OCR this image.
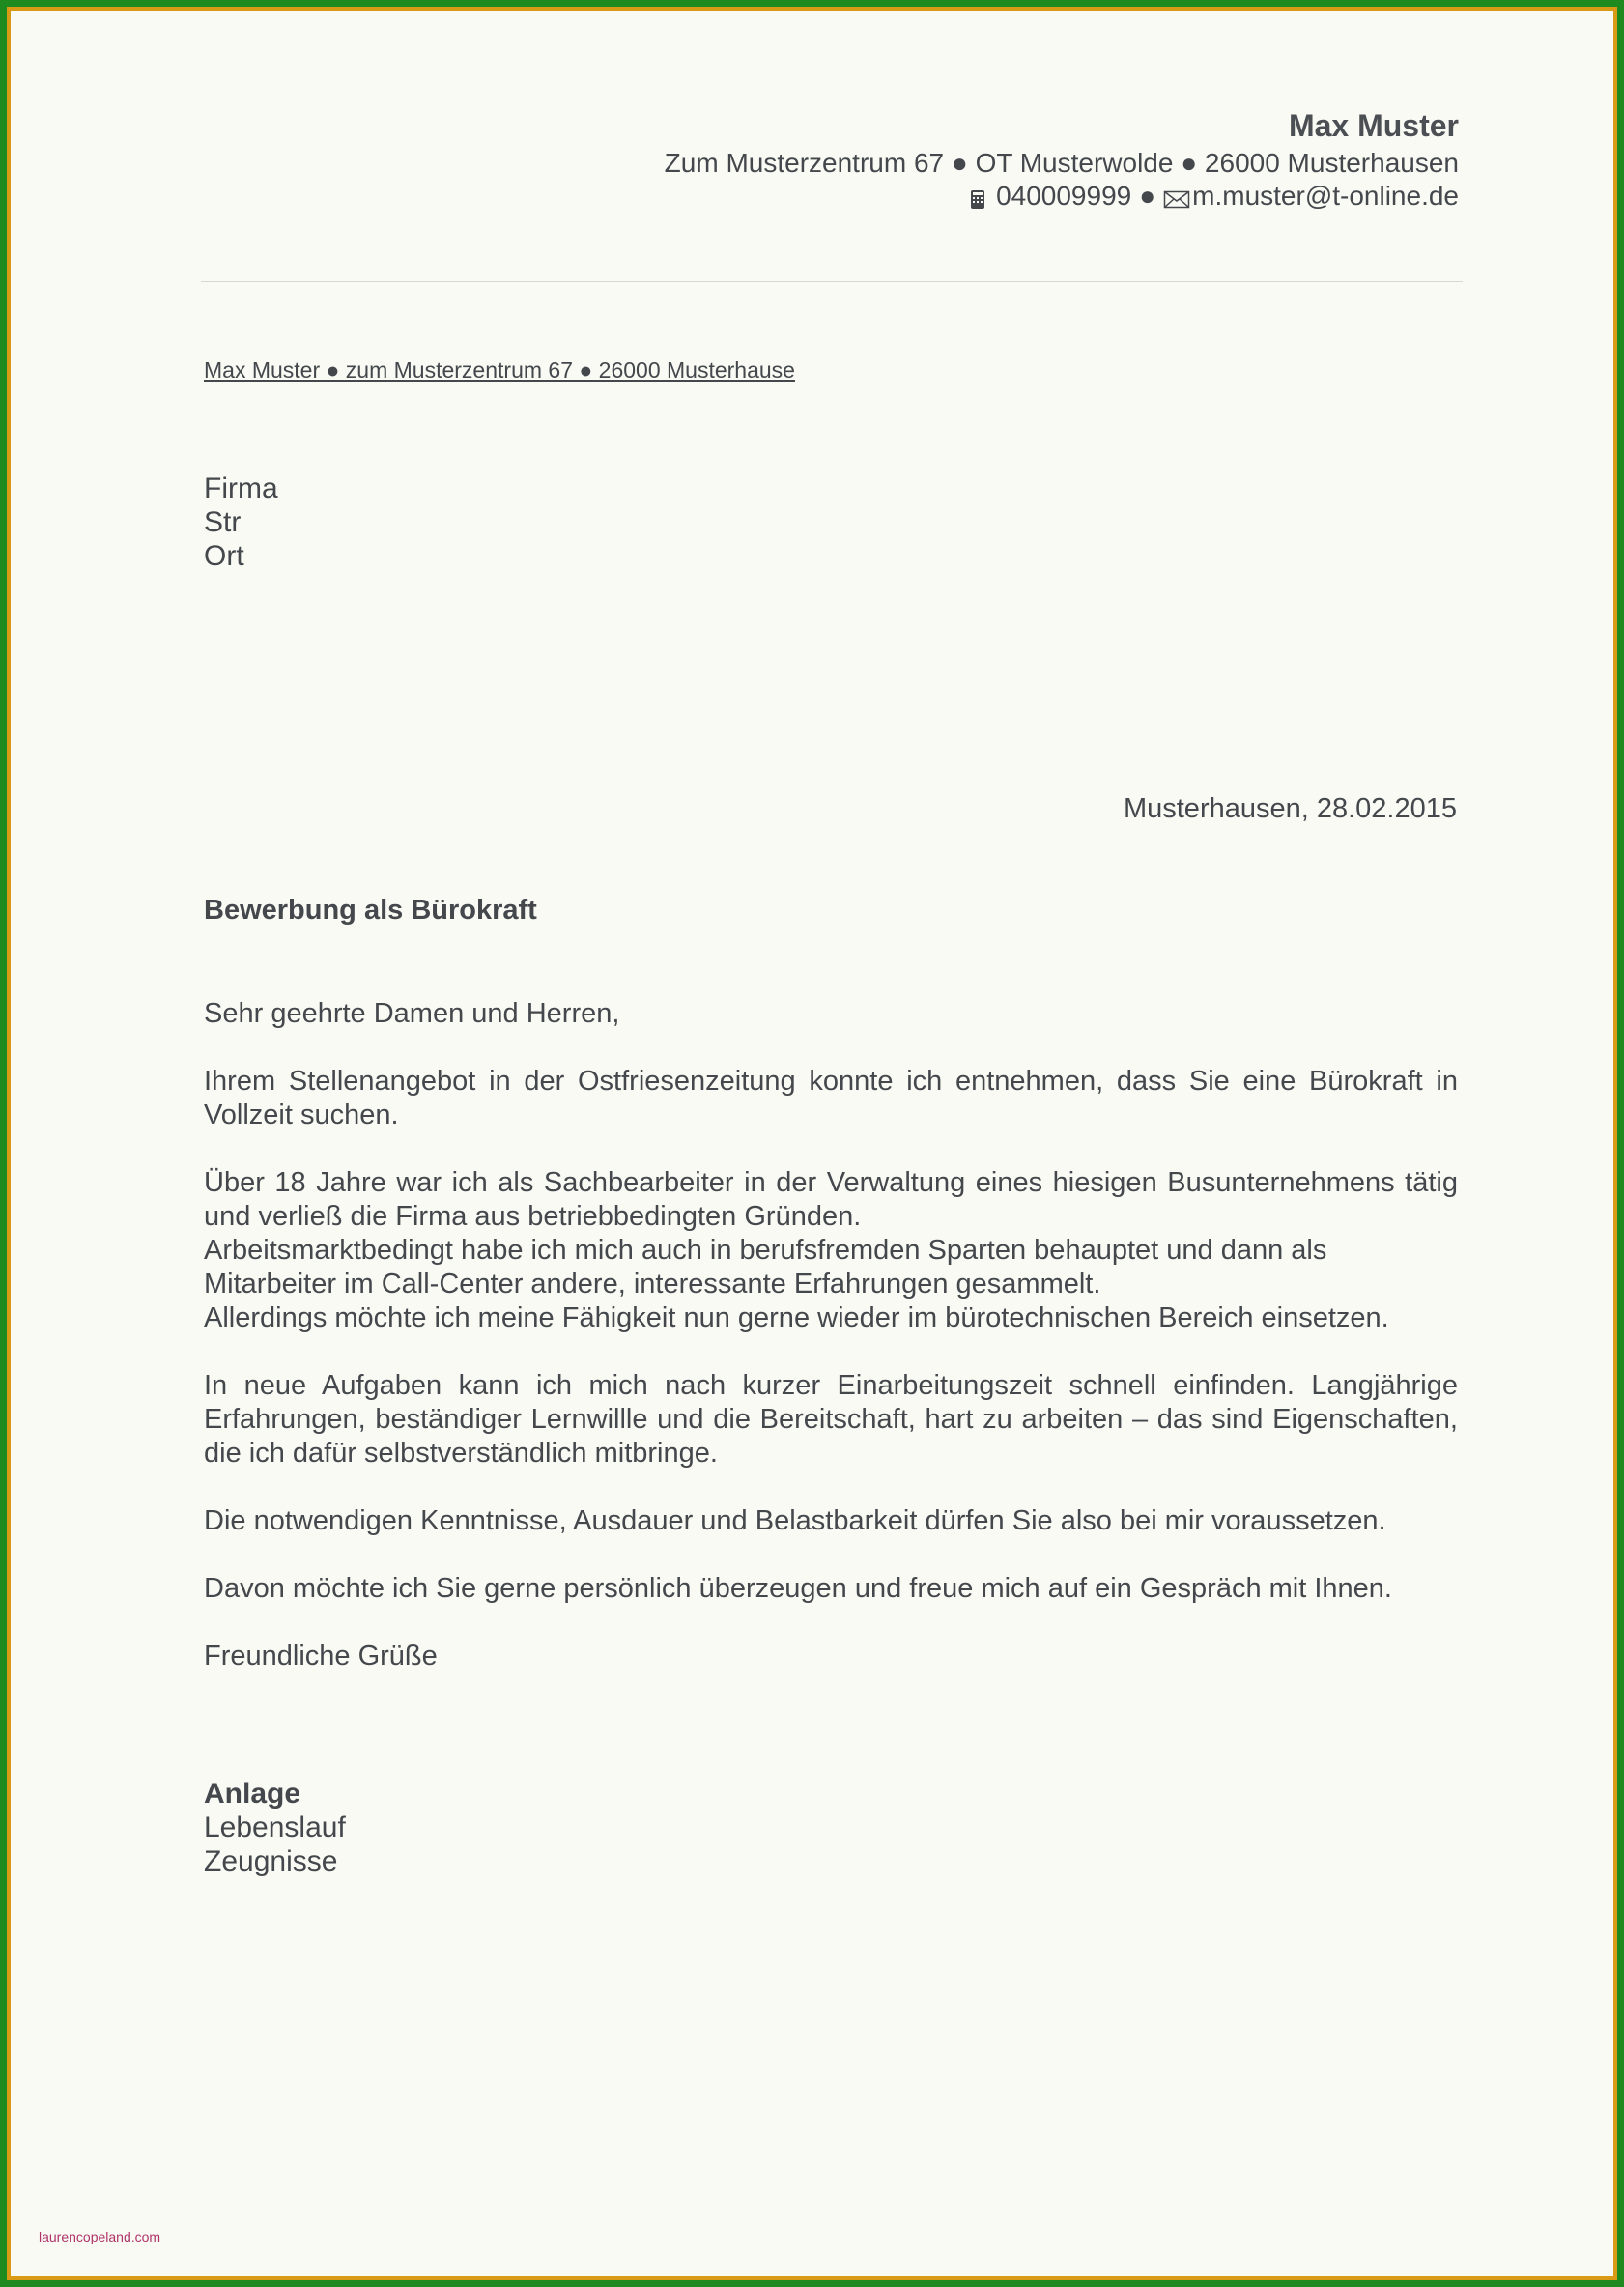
Max Muster
Zum Musterzentrum 67 ● OT Musterwolde ● 26000 Musterhausen
040009999 ● m.muster@t-online.de
Max Muster ● zum Musterzentrum 67 ● 26000 Musterhause
Firma
Str
Ort
Musterhausen, 28.02.2015
Bewerbung als Bürokraft

Sehr geehrte Damen und Herren,

Ihrem Stellenangebot in der Ostfriesenzeitung konnte ich entnehmen, dass Sie eine Bürokraft in Vollzeit suchen.

Über 18 Jahre war ich als Sachbearbeiter in der Verwaltung eines hiesigen Busunternehmens tätig und verließ die Firma aus betriebbedingten Gründen.
Arbeitsmarktbedingt habe ich mich auch in berufsfremden Sparten behauptet und dann als Mitarbeiter im Call-Center andere, interessante Erfahrungen gesammelt.
Allerdings möchte ich meine Fähigkeit nun gerne wieder im bürotechnischen Bereich einsetzen.

In neue Aufgaben kann ich mich nach kurzer Einarbeitungszeit schnell einfinden. Langjährige Erfahrungen, beständiger Lernwillle und die Bereitschaft, hart zu arbeiten – das sind Eigenschaften, die ich dafür selbstverständlich mitbringe.

Die notwendigen Kenntnisse, Ausdauer und Belastbarkeit dürfen Sie also bei mir voraussetzen.

Davon möchte ich Sie gerne persönlich überzeugen und freue mich auf ein Gespräch mit Ihnen.

Freundliche Grüße

Anlage
Lebenslauf
Zeugnisse
laurencopeland.com
